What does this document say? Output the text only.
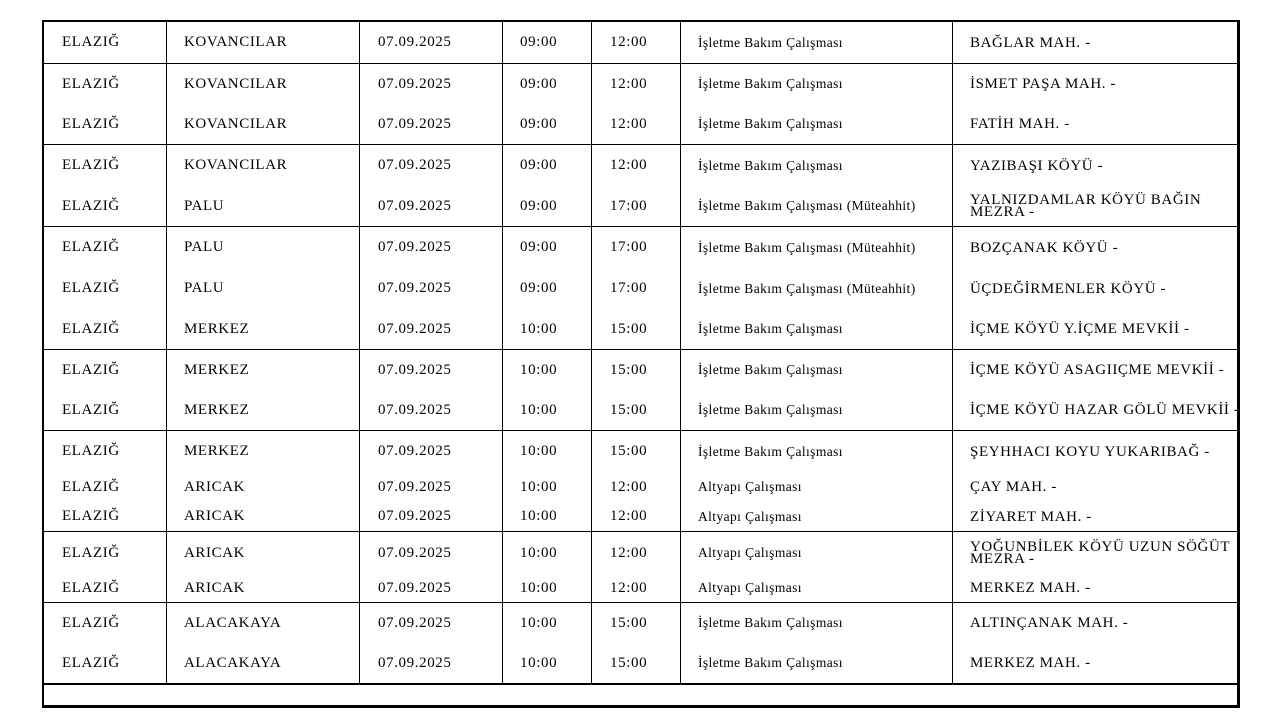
ELAZIĞ	KOVANCILAR	07.09.2025	09:00	12:00	İşletme Bakım Çalışması	BAĞLAR MAH. -
ELAZIĞ	KOVANCILAR	07.09.2025	09:00	12:00	İşletme Bakım Çalışması	İSMET PAŞA MAH. -
ELAZIĞ	KOVANCILAR	07.09.2025	09:00	12:00	İşletme Bakım Çalışması	FATİH MAH. -
ELAZIĞ	KOVANCILAR	07.09.2025	09:00	12:00	İşletme Bakım Çalışması	YAZIBAŞI KÖYÜ -
ELAZIĞ	PALU	07.09.2025	09:00	17:00	İşletme Bakım Çalışması (Müteahhit)	YALNIZDAMLAR KÖYÜ BAĞIN MEZRA -
ELAZIĞ	PALU	07.09.2025	09:00	17:00	İşletme Bakım Çalışması (Müteahhit)	BOZÇANAK KÖYÜ -
ELAZIĞ	PALU	07.09.2025	09:00	17:00	İşletme Bakım Çalışması (Müteahhit)	ÜÇDEĞİRMENLER KÖYÜ -
ELAZIĞ	MERKEZ	07.09.2025	10:00	15:00	İşletme Bakım Çalışması	İÇME KÖYÜ Y.İÇME MEVKİİ -
ELAZIĞ	MERKEZ	07.09.2025	10:00	15:00	İşletme Bakım Çalışması	İÇME KÖYÜ ASAGIIÇME MEVKİİ -
ELAZIĞ	MERKEZ	07.09.2025	10:00	15:00	İşletme Bakım Çalışması	İÇME KÖYÜ HAZAR GÖLÜ MEVKİİ -
ELAZIĞ	MERKEZ	07.09.2025	10:00	15:00	İşletme Bakım Çalışması	ŞEYHHACI KOYU YUKARIBAĞ -
ELAZIĞ	ARICAK	07.09.2025	10:00	12:00	Altyapı Çalışması	ÇAY MAH. -
ELAZIĞ	ARICAK	07.09.2025	10:00	12:00	Altyapı Çalışması	ZİYARET MAH. -
ELAZIĞ	ARICAK	07.09.2025	10:00	12:00	Altyapı Çalışması	YOĞUNBİLEK KÖYÜ UZUN SÖĞÜT MEZRA -
ELAZIĞ	ARICAK	07.09.2025	10:00	12:00	Altyapı Çalışması	MERKEZ MAH. -
ELAZIĞ	ALACAKAYA	07.09.2025	10:00	15:00	İşletme Bakım Çalışması	ALTINÇANAK MAH. -
ELAZIĞ	ALACAKAYA	07.09.2025	10:00	15:00	İşletme Bakım Çalışması	MERKEZ MAH. -
